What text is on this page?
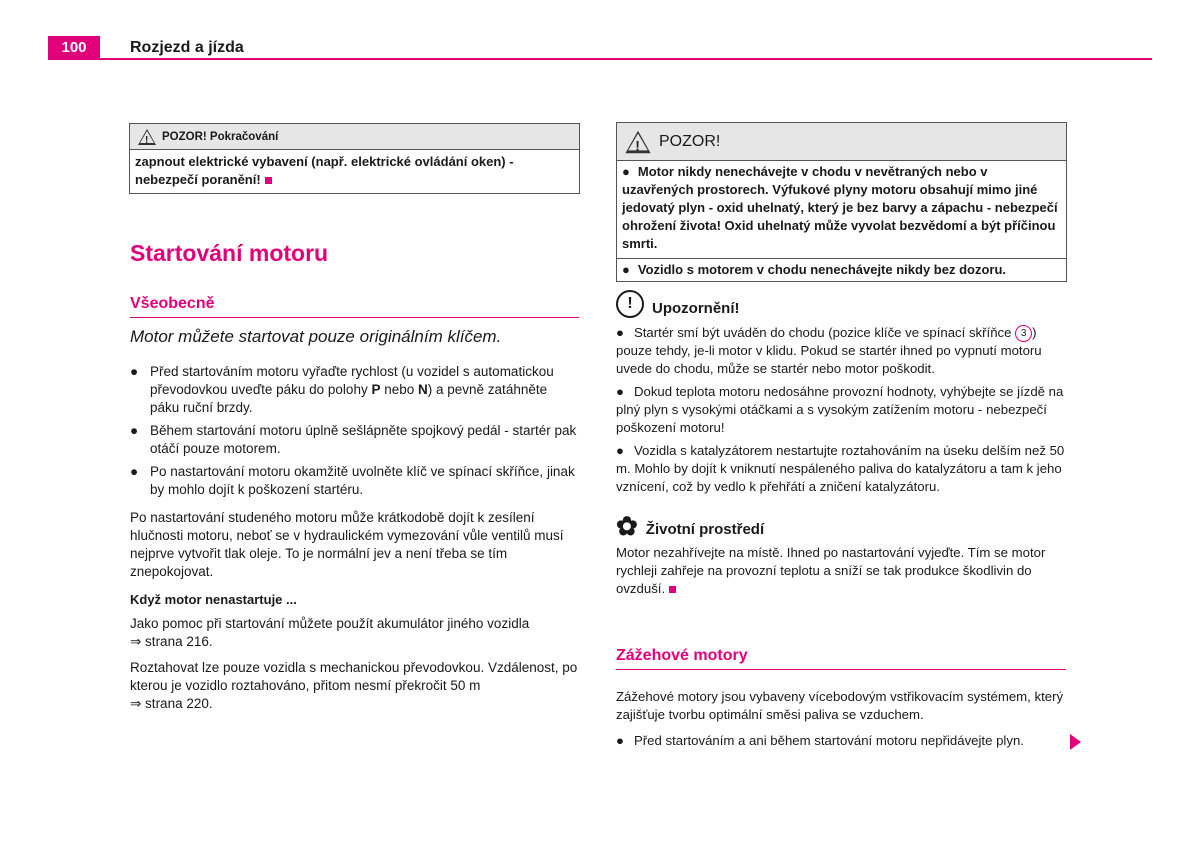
100	Rozjezd a jízda
! POZOR! Pokračování
zapnout elektrické vybavení (např. elektrické ovládání oken) - nebezpečí poranění!
Startování motoru
Všeobecně
Motor můžete startovat pouze originálním klíčem.
● Před startováním motoru vyřaďte rychlost (u vozidel s automatickou převodovkou uveďte páku do polohy P nebo N) a pevně zatáhněte páku ruční brzdy.
● Během startování motoru úplně sešlápněte spojkový pedál - startér pak otáčí pouze motorem.
● Po nastartování motoru okamžitě uvolněte klíč ve spínací skříňce, jinak by mohlo dojít k poškození startéru.

Po nastartování studeného motoru může krátkodobě dojít k zesílení hlučnosti motoru, neboť se v hydraulickém vymezování vůle ventilů musí nejprve vytvořit tlak oleje. To je normální jev a není třeba se tím znepokojovat.

Když motor nenastartuje ...

Jako pomoc při startování můžete použít akumulátor jiného vozidla
⇒ strana 216.

Roztahovat lze pouze vozidla s mechanickou převodovkou. Vzdálenost, po kterou je vozidlo roztahováno, přitom nesmí překročit 50 m
⇒ strana 220.

! POZOR!
● Motor nikdy nenechávejte v chodu v nevětraných nebo v uzavřených prostorech. Výfukové plyny motoru obsahují mimo jiné jedovatý plyn - oxid uhelnatý, který je bez barvy a zápachu - nebezpečí ohrožení života! Oxid uhelnatý může vyvolat bezvědomí a být příčinou smrti.
● Vozidlo s motorem v chodu nenechávejte nikdy bez dozoru.
!	Upozornění!
● Startér smí být uváděn do chodu (pozice klíče ve spínací skříňce 3 ) pouze tehdy, je-li motor v klidu. Pokud se startér ihned po vypnutí motoru uvede do chodu, může se startér nebo motor poškodit.
● Dokud teplota motoru nedosáhne provozní hodnoty, vyhýbejte se jízdě na plný plyn s vysokými otáčkami a s vysokým zatížením motoru - nebezpečí poškození motoru!
● Vozidla s katalyzátorem nestartujte roztahováním na úseku delším než 50 m. Mohlo by dojít k vniknutí nespáleného paliva do katalyzátoru a tam k jeho vznícení, což by vedlo k přehřátí a zničení katalyzátoru.
✿ Životní prostředí
Motor nezahřívejte na místě. Ihned po nastartování vyjeďte. Tím se motor rychleji zahřeje na provozní teplotu a sníží se tak produkce škodlivin do ovzduší.
Zážehové motory

Zážehové motory jsou vybaveny vícebodovým vstřikovacím systémem, který zajišťuje tvorbu optimální směsi paliva se vzduchem.

● Před startováním a ani během startování motoru nepřidávejte plyn.
